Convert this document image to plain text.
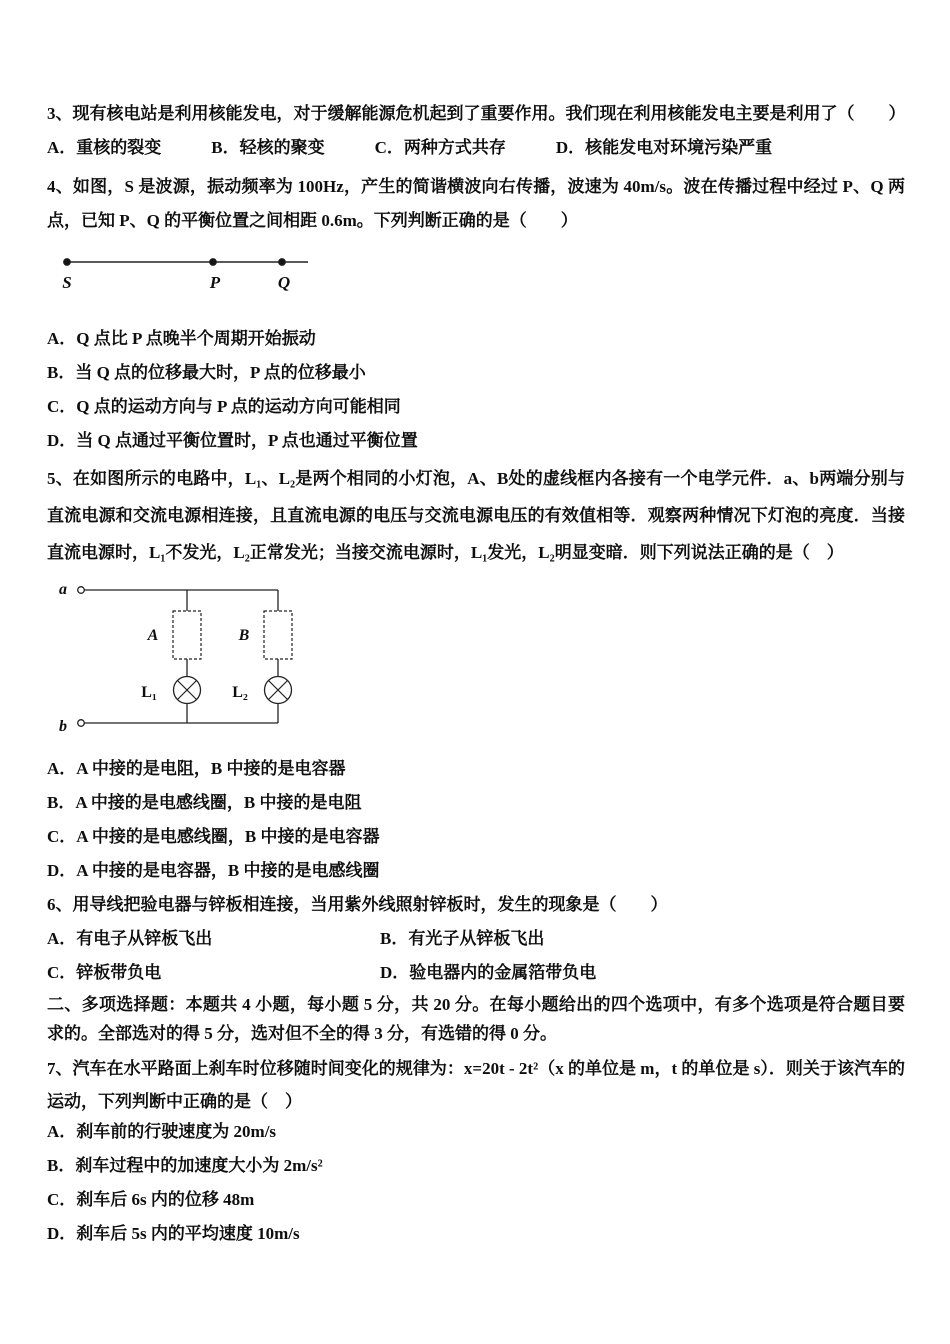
3、现有核电站是利用核能发电，对于缓解能源危机起到了重要作用。我们现在利用核能发电主要是利用了（　　）
A．重核的裂变	B．轻核的聚变	C．两种方式共存	D．核能发电对环境污染严重
4、如图，S 是波源，振动频率为 100Hz，产生的简谐横波向右传播，波速为 40m/s。波在传播过程中经过 P、Q 两点，已知 P、Q 的平衡位置之间相距 0.6m。下列判断正确的是（　　）
S	P	Q
A．Q 点比 P 点晚半个周期开始振动
B．当 Q 点的位移最大时，P 点的位移最小
C．Q 点的运动方向与 P 点的运动方向可能相同
D．当 Q 点通过平衡位置时，P 点也通过平衡位置
5、在如图所示的电路中，L₁、L₂是两个相同的小灯泡，A、B处的虚线框内各接有一个电学元件．a、b两端分别与直流电源和交流电源相连接，且直流电源的电压与交流电源电压的有效值相等．观察两种情况下灯泡的亮度．当接直流电源时，L₁不发光，L₂正常发光；当接交流电源时，L₁发光，L₂明显变暗．则下列说法正确的是（　）
a
b
A
L₁
B
L₂
A．A 中接的是电阻，B 中接的是电容器
B．A 中接的是电感线圈，B 中接的是电阻
C．A 中接的是电感线圈，B 中接的是电容器
D．A 中接的是电容器，B 中接的是电感线圈
6、用导线把验电器与锌板相连接，当用紫外线照射锌板时，发生的现象是（　　）
A．有电子从锌板飞出	B．有光子从锌板飞出
C．锌板带负电	D．验电器内的金属箔带负电
二、多项选择题：本题共 4 小题，每小题 5 分，共 20 分。在每小题给出的四个选项中，有多个选项是符合题目要求的。全部选对的得 5 分，选对但不全的得 3 分，有选错的得 0 分。
7、汽车在水平路面上刹车时位移随时间变化的规律为：x=20t - 2t²（x 的单位是 m，t 的单位是 s）．则关于该汽车的运动，下列判断中正确的是（　）
A．刹车前的行驶速度为 20m/s
B．刹车过程中的加速度大小为 2m/s²
C．刹车后 6s 内的位移 48m
D．刹车后 5s 内的平均速度 10m/s
